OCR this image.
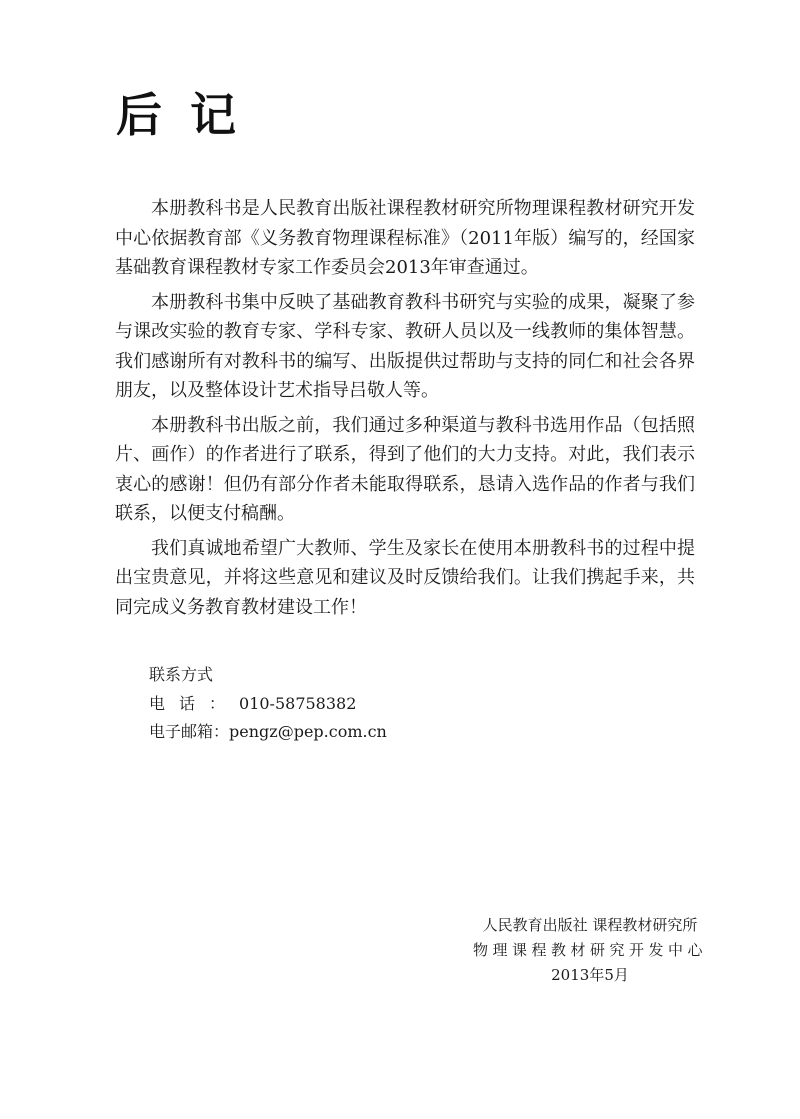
后记

本册教科书是人民教育出版社课程教材研究所物理课程教材研究开发中心依据教育部《义务教育物理课程标准》（2011年版）编写的，经国家基础教育课程教材专家工作委员会2013年审查通过。

本册教科书集中反映了基础教育教科书研究与实验的成果，凝聚了参与课改实验的教育专家、学科专家、教研人员以及一线教师的集体智慧。我们感谢所有对教科书的编写、出版提供过帮助与支持的同仁和社会各界朋友，以及整体设计艺术指导吕敬人等。

本册教科书出版之前，我们通过多种渠道与教科书选用作品（包括照片、画作）的作者进行了联系，得到了他们的大力支持。对此，我们表示衷心的感谢！但仍有部分作者未能取得联系，恳请入选作品的作者与我们联系，以便支付稿酬。

我们真诚地希望广大教师、学生及家长在使用本册教科书的过程中提出宝贵意见，并将这些意见和建议及时反馈给我们。让我们携起手来，共同完成义务教育教材建设工作！

联系方式
电话：010-58758382
电子邮箱：pengz@pep.com.cn
人民教育出版社 课程教材研究所
物理课程教材研究开发中心
2013年5月
